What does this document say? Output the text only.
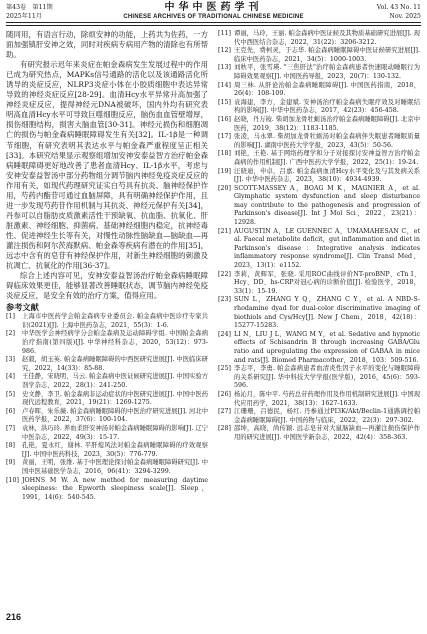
第43卷　第11期
2025年11月
中华中医药学刊
CHINESE ARCHIVES OF TRADITIONAL CHINESE MEDICINE
Vol. 43 No. 11
Nov. 2025

随同用，有语言行动，除烦安神的功能，上药共为佐药，一方面加强镇肝安神之效，同时对疾病专病用产物的清除也有所帮助。

有研究报示迟年来炎症在帕金森病发生发展过程中的作用已成为研究热点，MAPKs信号通路的活化以及该通路活化所诱导的炎症反应，NLRP3炎症小体在小胶质细胞中表达异常导致的神经炎症反应[28-29]。血清Hcy水平异常升高加强了神经炎症反应，提得神经元DNA被破坏，国内外均有研究表明高血清Hcy水平可导致巨噬细胞反应，脑伤血血管壁增厚，损伤细胞结构，损害大脑血管[30-31]。神经元损伤和细胞凋亡的损伤与帕金森病睡眠障碍发生有关[32]。IL-1β是一种调节细胞，有研究表明其表达水平与帕金森严重程度呈正相关[33]。本研究结果显示观察组增加安神安泰益智方治疗帕金森病睡眠障碍更好地改善了患者血清Hcy、IL-1β水平，考虑与安神安泰益智汤中部分药物组分调节脑内神经免疫炎症反应的作用有关，如现代药理研究证实白芍具有抗炎、脑神经保护作用，芍药内酯苷可通过血脑屏障，具有明确神经保护作用，且进一步发现芍药苷作用机制与其抗炎、神经元保护有关[34]，丹参可以自脂肪皮质激素活性干预缺氧、抗血脂、抗氧化、肝脏激素、神经细胞、抑菌病、基础神经细胞内稳定，抗神经毒性、促进神经生长等有关，对慢性动脉性脑缺血—脑缺血—再灌注损伤和阿尔茨海默病、帕金森等疾病有潜在的作用[35]，远志中含有的皂苷有神经保护作用，对新生神经细胞的刺激及抗凋亡、抗氧化的作用[36-37]。

综合上述内容可见，安神安泰益智汤治疗帕金森病睡眠障碍临床效果更佳，能够显著改善睡眠状态，调节脑内神经免疫炎症反应，是安全有效的治疗方案，值得应用。

参考文献
[1]	上海市中医药学会帕金森病专业委员会. 帕金森病中医诊疗专家共识(2021)[J]. 上海中医药杂志，2021，55(3)：1-6.
[2]	中华医学会神经病学分会帕金森病及运动障碍学组. 中国帕金森病治疗指南(第四版)[J]. 中华神经科杂志，2020，53(12)：973-986.
[3]	赵毅，胡玉英. 帕金森病睡眠障碍的中西医研究进展[J]. 中医临床研究，2022，14(33)：85-88.
[4]	王佳静，宋晓明，马云. 帕金森病中医证候研究进展[J]. 中国实验方剂学杂志，2022，28(1)：241-250.
[5]	史文静，李卫. 帕金森病非运动症状的中医研究进展[J]. 中国中医药现代远程教育，2021，19(21)：1269-1275.
[6]	卢春晖，朱乐薇. 帕金森病睡眠障碍的中医治疗研究进展[J]. 河北中医药学报，2022，37(6)：100-104.
[7]	袁林，洪巧玲. 养血柔肝安神汤对帕金森病睡眠障碍的影响[J]. 辽宁中医杂志，2022，49(3)：15-17.
[8]	孔艳，夏永红，谢林. 平肝熄风法对帕金森病睡眠障碍的疗效观察[J]. 中国中医药科技，2023，30(5)：776-779.
[9]	黄丽，王明，张维. 基于中医理论探讨帕金森病睡眠障碍研究[J]. 中国中医基础医学杂志，2016，96(41)：3294-3299.
[10] JOHNS M W. A new method for measuring daytime sleepiness: the Epworth sleepiness scale[J]. Sleep，1991，14(6)：540-545.
[11] 谭丽，马玲，王丽. 帕金森病中医证候及其物质基础研究进展[J]. 现代中西医结合杂志，2022，31(22)：3206-3212.
[12] 王克先，费柯灵，于志华. 帕金森病睡眠障碍中医证候研究进展[J]. 临床中医药杂志，2021，34(5)：1000-1003.
[13] 刘秋平，张雪瑛. "三焦肝法"治疗帕金森病患者快速眼动睡眠行为障碍效果观察[J]. 中国医药导报，2023，20(7)：130-132.
[14] 周三林. 从肝论治帕金森病睡眠障碍[J]. 中国医药指南，2018，26(4)：108-109.
[15] 袁海建，李方，金建斌. 安神汤治疗帕金森病失眠疗效及对睡眠结构的影响[J]. 中华中医药杂志，2017，42(23)：456-458.
[16] 赵晓，丹万铵. 柴胡加龙骨牡蛎汤治疗帕金森病睡眠障碍[J]. 北京中医药，2019，38(12)：1183-1185.
[17] 张凌，马永翠. 柴胡加龙骨牡蛎汤对帕金森病伴失眠患者睡眠质量的影响[J]. 湖南中医药大学学报，2023，43(5)：50-56.
[18] 刘艳，王艳. 基于网络药理学和分子对接探讨安神益智方治疗帕金森病的作用机制[J]. 广西中医药大学学报，2022，25(1)：19-24.
[19] 汪晓迪，申卓，吕嘉. 帕金森病血清Hcy水平变化及与其发病关系[J]. 中华中医药杂志，2023，38(10)：4934-4939.
[20] SCOTT-MASSEY A，BOAG M K，MAGNIER A，et al. Glymphatic system dysfunction and sleep disturbance may contribute to the pathogenesis and progression of Parkinson's disease[J]. Int J Mol Sci，2022，23(21)：12928.
[21] AUGUSTIN A，LE GUENNEC A，UMAMAHESAN C，et al. Faecal metabolite deficit，gut inflammation and diet in Parkinson's disease：Integrative analysis indicates inflammatory response syndrome[J]. Clin Transl Med，2023，13(1)：e1152.
[22] 李莉，黄辉军，张晓. 采用ROC曲线评价NT-proBNP、cTn I、Hcy、DD、hs-CRP对冠心病的诊断价值[J]. 检验医学，2018，33(1)：15-19.
[23] SUN L，ZHANG Y Q，ZHANG C Y，et al. A NBD-S-rhodamine dyad for dual-color discriminative imaging of biothiols and Cys/Hcy[J]. New J Chem，2018，42(18)：15277-15283.
[24] LI N，LIU J L，WANG M Y，et al. Sedative and hypnotic effects of Schisandrin B through increasing GABA/Glu ratio and upregulating the expression of GABAA in mice and rats[J]. Biomed Pharmacother，2018，103：509-516.
[25] 李志平，李勇. 帕金森病患者血清炎性因子水平的变化与睡眠障碍的关系研究[J]. 华中科技大学学报(医学版)，2016，45(6)：593-596.
[26] 杨沁月，陈中平. 芍药总苷药理作用及作用机制研究进展[J]. 中国现代应用药学，2021，38(13)：1627-1633.
[27] 江珊珊，吕德民，杨红. 丹参通过PI3K/Akt/Beclin-1通路调控帕金森病睡眠障碍[J]. 中国药物与临床，2022，22(3)：297-302.
[28] 邵坤，高晓，尚传颖. 远志皂苷对大鼠脑缺血—再灌注损伤保护作用的研究进展[J]. 中国医学新杂志，2022，42(4)：358-363.
216
